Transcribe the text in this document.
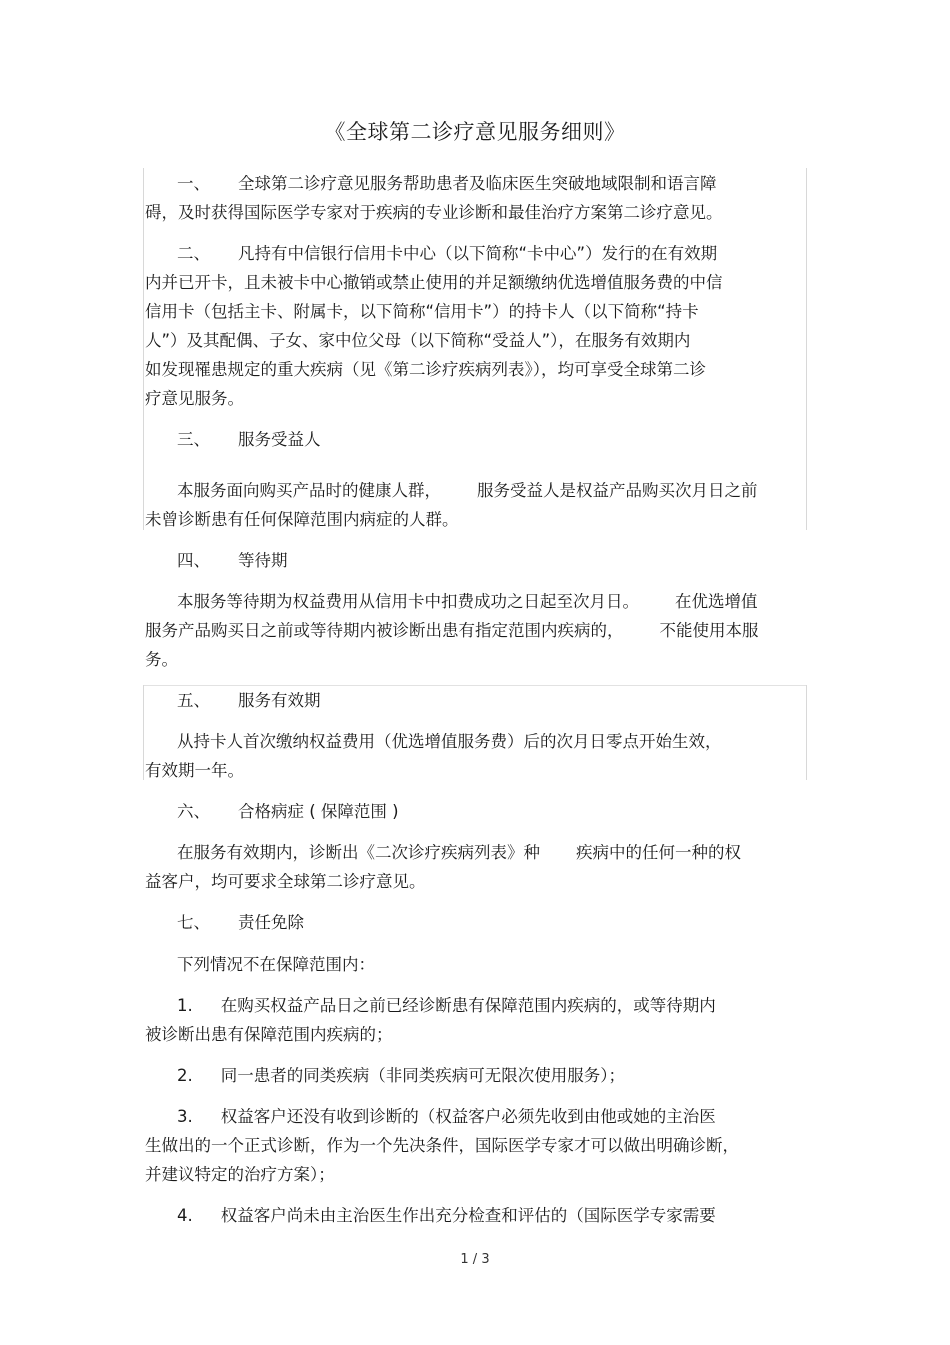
《全球第二诊疗意见服务细则》
一、 全球第二诊疗意见服务帮助患者及临床医生突破地域限制和语言障
碍，及时获得国际医学专家对于疾病的专业诊断和最佳治疗方案第二诊疗意见。
二、 凡持有中信银行信用卡中心（以下简称“卡中心”）发行的在有效期
内并已开卡，且未被卡中心撤销或禁止使用的并足额缴纳优选增值服务费的中信
信用卡（包括主卡、附属卡，以下简称“信用卡”）的持卡人（以下简称“持卡
人”）及其配偶、子女、家中位父母（以下简称“受益人”），在服务有效期内
如发现罹患规定的重大疾病（见《第二诊疗疾病列表》），均可享受全球第二诊
疗意见服务。
三、 服务受益人
本服务面向购买产品时的健康人群， 服务受益人是权益产品购买次月日之前
未曾诊断患有任何保障范围内病症的人群。
四、 等待期
本服务等待期为权益费用从信用卡中扣费成功之日起至次月日。 在优选增值
服务产品购买日之前或等待期内被诊断出患有指定范围内疾病的， 不能使用本服
务。
五、 服务有效期
从持卡人首次缴纳权益费用（优选增值服务费）后的次月日零点开始生效，
有效期一年。
六、 合格病症 ( 保障范围 )
在服务有效期内，诊断出《二次诊疗疾病列表》种 疾病中的任何一种的权
益客户，均可要求全球第二诊疗意见。
七、 责任免除
下列情况不在保障范围内：
1. 在购买权益产品日之前已经诊断患有保障范围内疾病的，或等待期内
被诊断出患有保障范围内疾病的；
2. 同一患者的同类疾病（非同类疾病可无限次使用服务）；
3. 权益客户还没有收到诊断的（权益客户必须先收到由他或她的主治医
生做出的一个正式诊断，作为一个先决条件，国际医学专家才可以做出明确诊断，
并建议特定的治疗方案）；
4. 权益客户尚未由主治医生作出充分检查和评估的（国际医学专家需要
1 / 3
